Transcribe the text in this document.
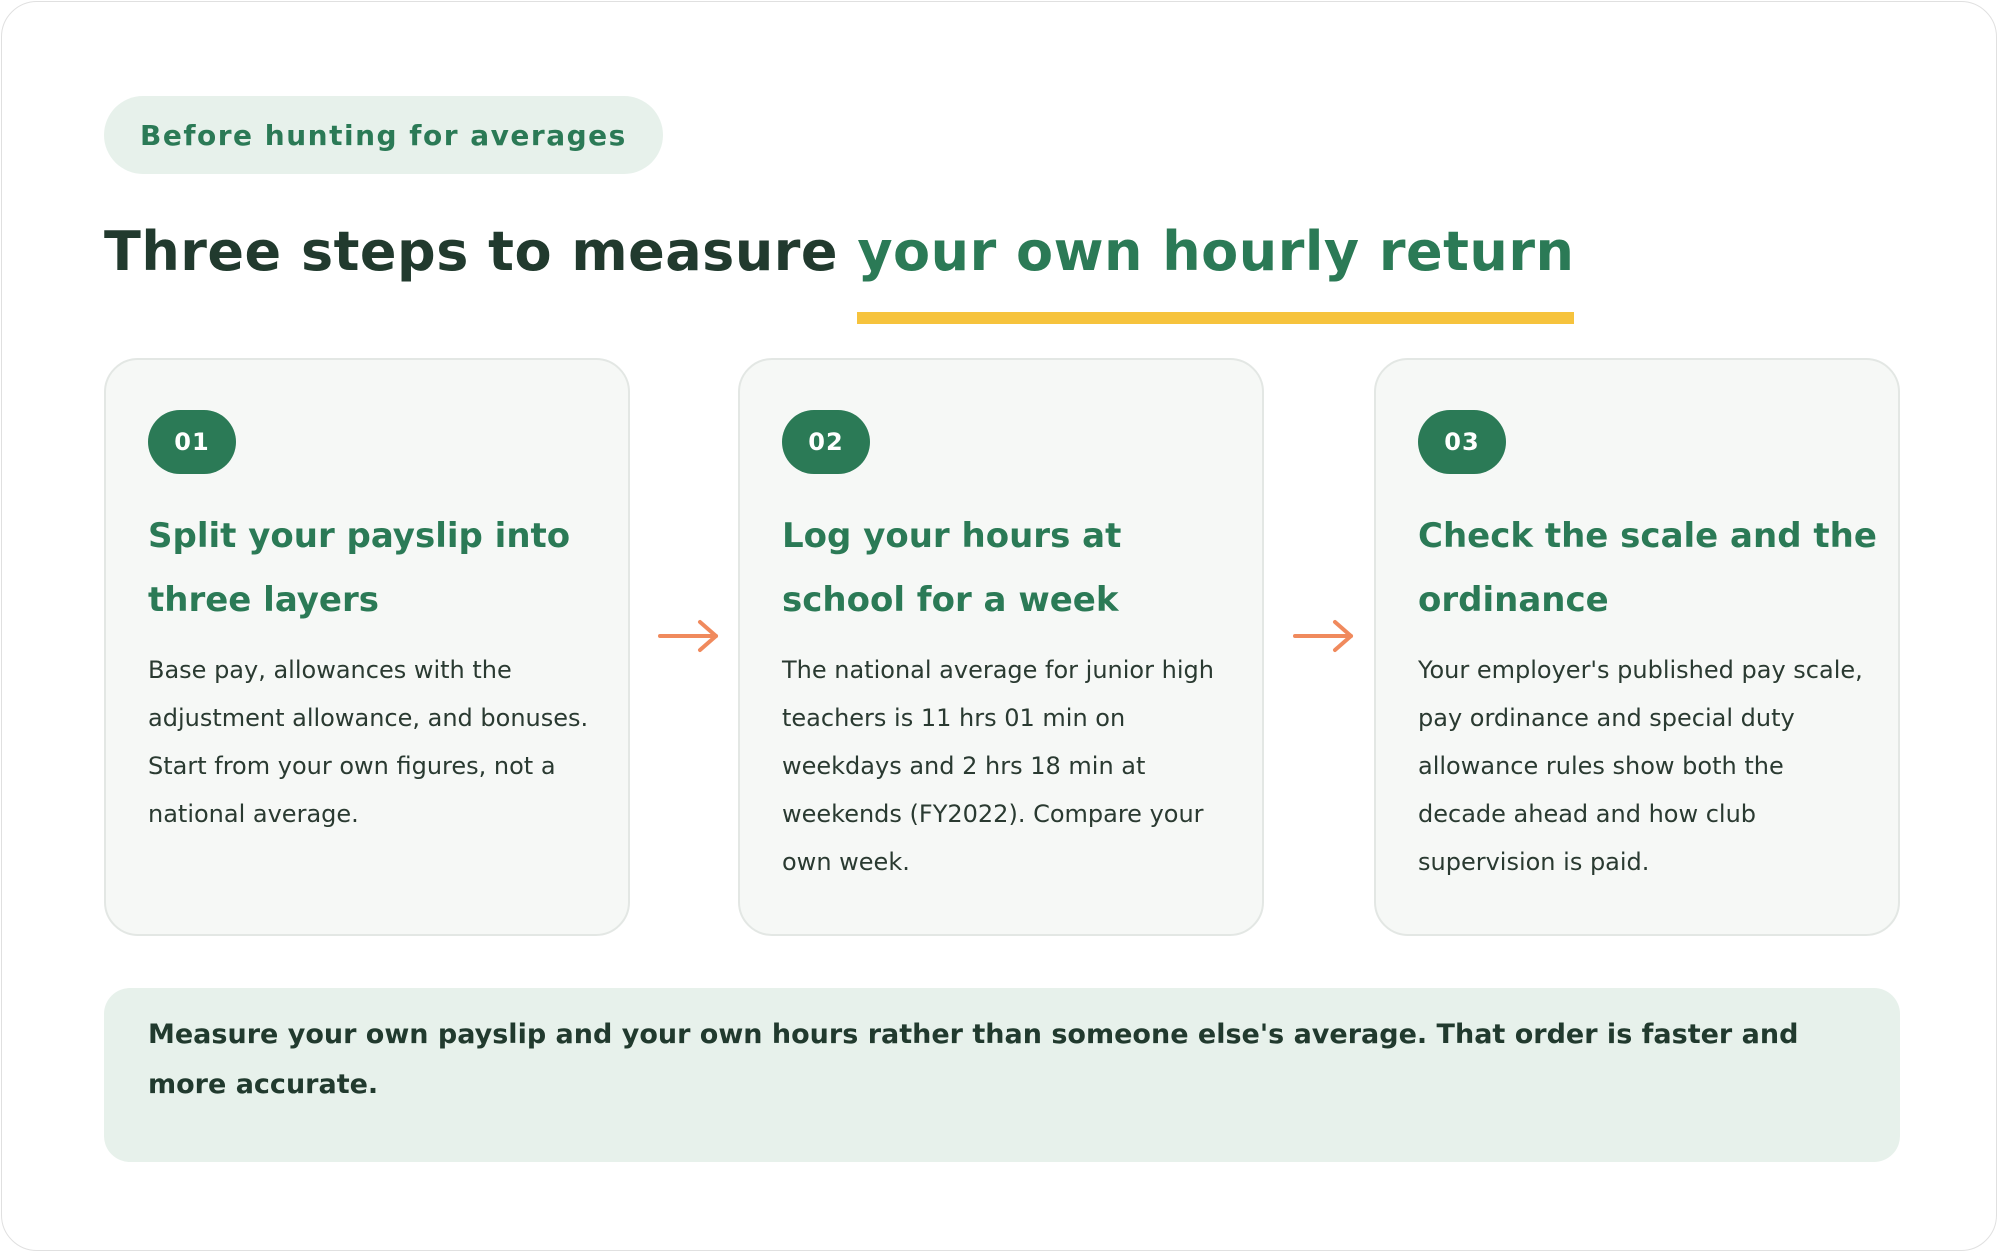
Before hunting for averages
Three steps to measure your own hourly return
01
Split your payslip into three layers

Base pay, allowances with the adjustment allowance, and bonuses. Start from your own figures, not a national average.

02
Log your hours at school for a week

The national average for junior high teachers is 11 hrs 01 min on weekdays and 2 hrs 18 min at weekends (FY2022). Compare your own week.

03
Check the scale and the ordinance

Your employer's published pay scale, pay ordinance and special duty allowance rules show both the decade ahead and how club supervision is paid.

Measure your own payslip and your own hours rather than someone else's average. That order is faster and more accurate.
